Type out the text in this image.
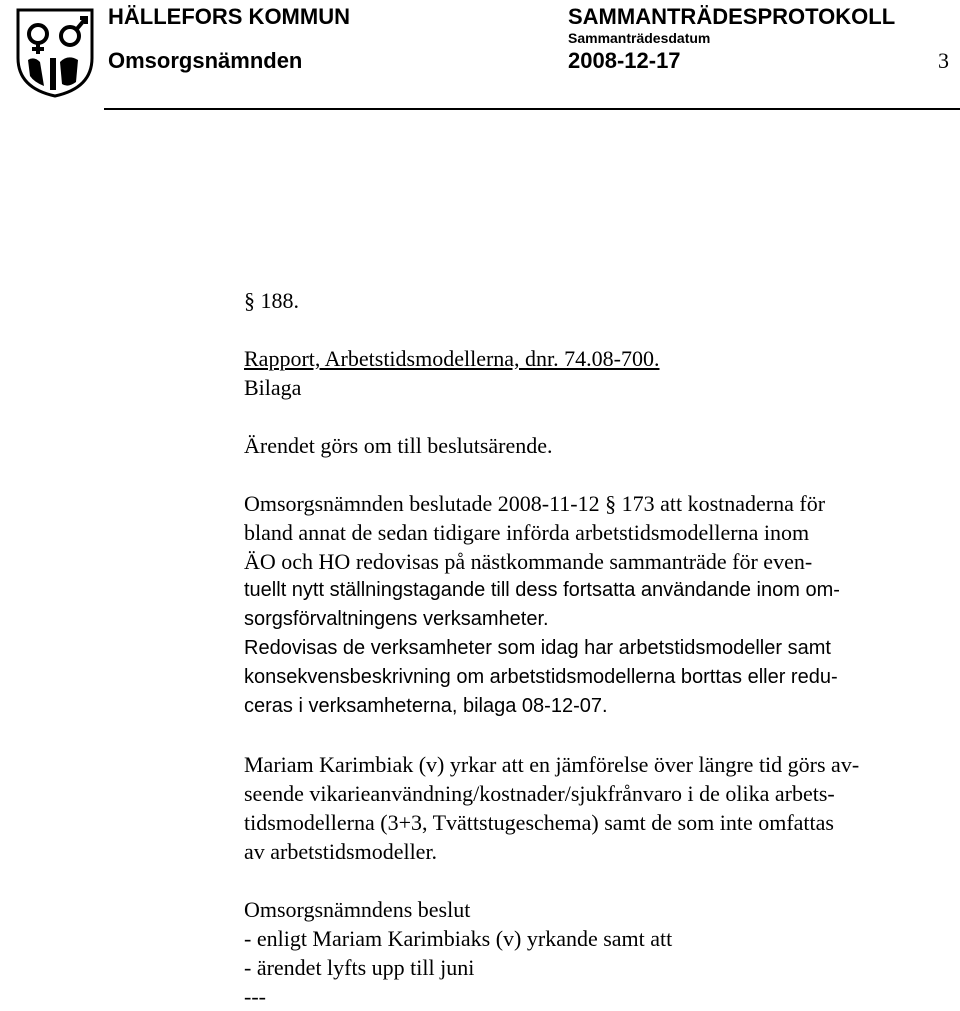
HÄLLEFORS KOMMUN
Omsorgsnämnden
SAMMANTRÄDESPROTOKOLL
Sammanträdesdatum
2008-12-17	3
§ 188.
Rapport, Arbetstidsmodellerna, dnr. 74.08-700.
Bilaga
Ärendet görs om till beslutsärende.
Omsorgsnämnden beslutade 2008-11-12 § 173 att kostnaderna för
bland annat de sedan tidigare införda arbetstidsmodellerna inom
ÄO och HO redovisas på nästkommande sammanträde för even-
tuellt nytt ställningstagande till dess fortsatta användande inom om-
sorgsförvaltningens verksamheter.
Redovisas de verksamheter som idag har arbetstidsmodeller samt
konsekvensbeskrivning om arbetstidsmodellerna borttas eller redu-
ceras i verksamheterna, bilaga 08-12-07.
Mariam Karimbiak (v) yrkar att en jämförelse över längre tid görs av-
seende vikarieanvändning/kostnader/sjukfrånvaro i de olika arbets-
tidsmodellerna (3+3, Tvättstugeschema) samt de som inte omfattas
av arbetstidsmodeller.
Omsorgsnämndens beslut
- enligt Mariam Karimbiaks (v) yrkande samt att
- ärendet lyfts upp till juni
---
